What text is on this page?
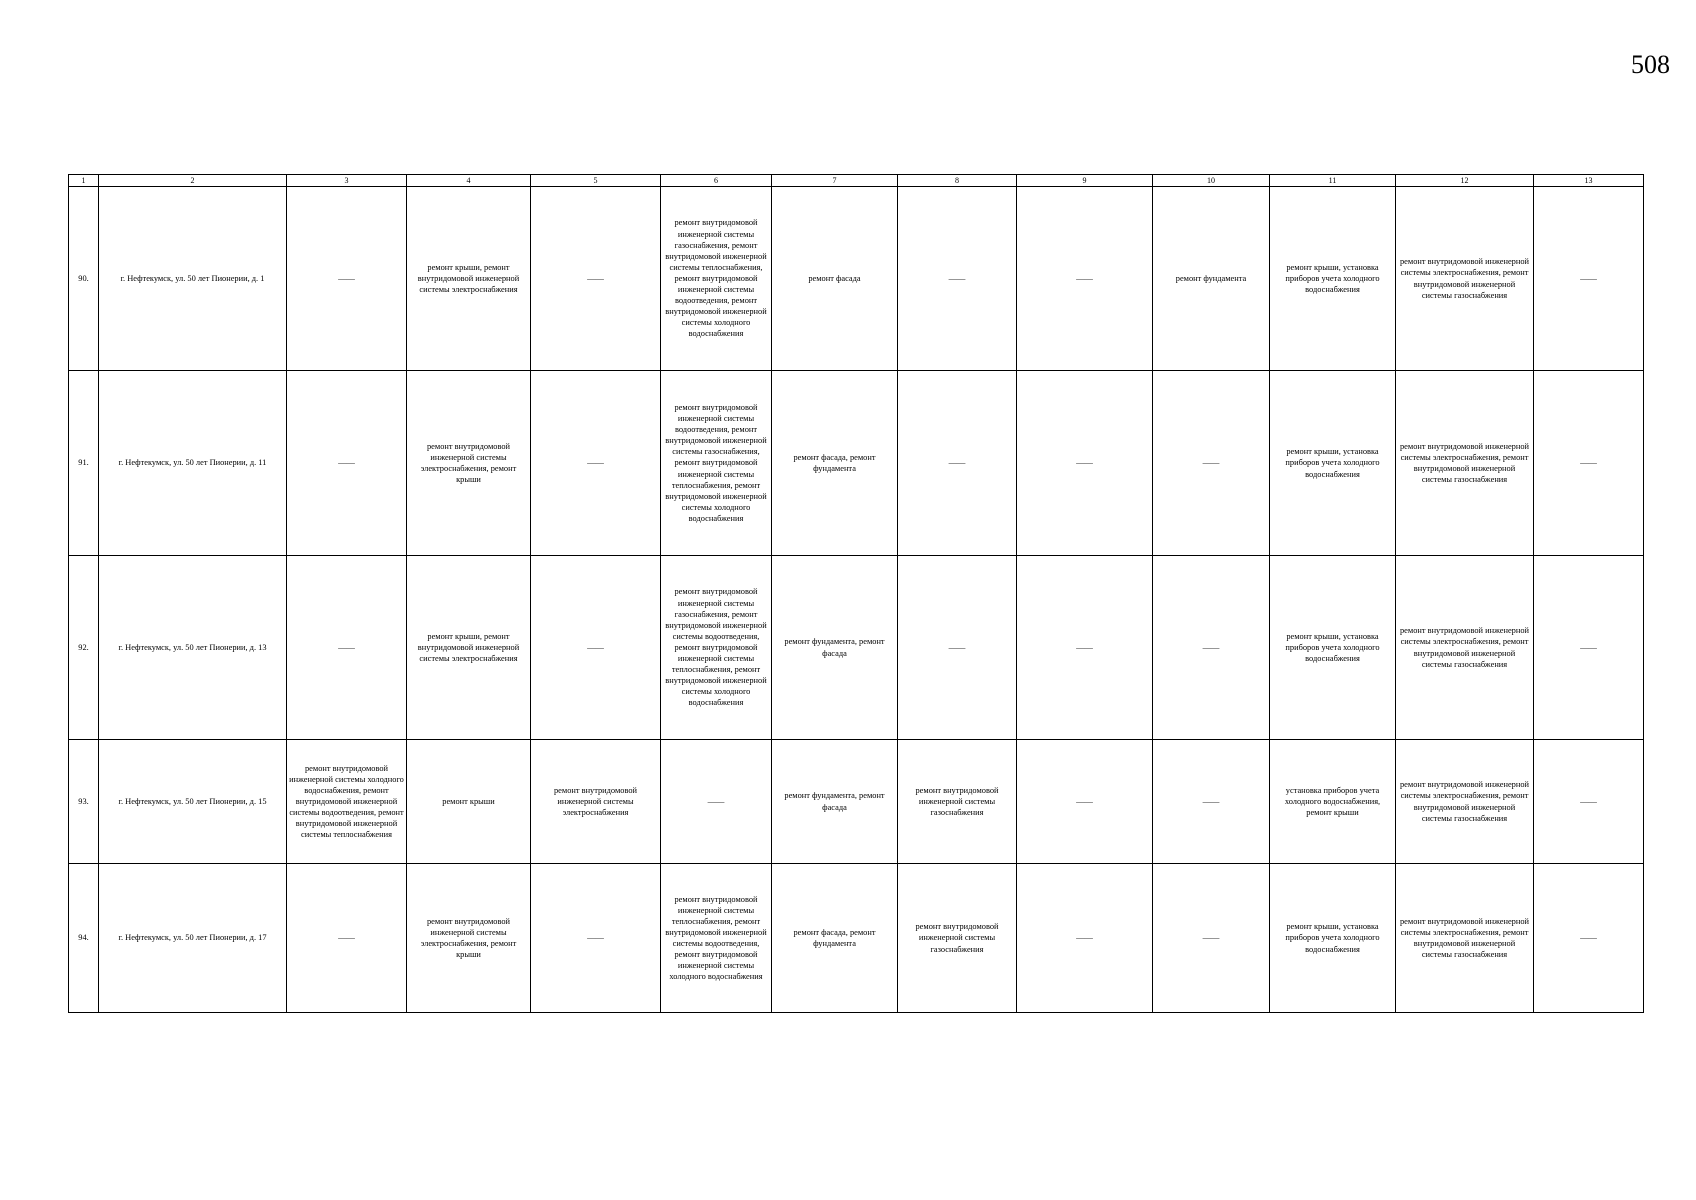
508
1	2	3	4	5	6	7	8	9	10	11	12	13
90.	г. Нефтекумск, ул. 50 лет Пионерии, д. 1	——	ремонт крыши, ремонт внутридомовой инженерной системы электроснабжения	——	ремонт внутридомовой инженерной системы газоснабжения, ремонт внутридомовой инженерной системы теплоснабжения, ремонт внутридомовой инженерной системы водоотведения, ремонт внутридомовой инженерной системы холодного водоснабжения	ремонт фасада	——	——	ремонт фундамента	ремонт крыши, установка приборов учета холодного водоснабжения	ремонт внутридомовой инженерной системы электроснабжения, ремонт внутридомовой инженерной системы газоснабжения	——
91.	г. Нефтекумск, ул. 50 лет Пионерии, д. 11	——	ремонт внутридомовой инженерной системы электроснабжения, ремонт крыши	——	ремонт внутридомовой инженерной системы водоотведения, ремонт внутридомовой инженерной системы газоснабжения, ремонт внутридомовой инженерной системы теплоснабжения, ремонт внутридомовой инженерной системы холодного водоснабжения	ремонт фасада, ремонт фундамента	——	——	——	ремонт крыши, установка приборов учета холодного водоснабжения	ремонт внутридомовой инженерной системы электроснабжения, ремонт внутридомовой инженерной системы газоснабжения	——
92.	г. Нефтекумск, ул. 50 лет Пионерии, д. 13	——	ремонт крыши, ремонт внутридомовой инженерной системы электроснабжения	——	ремонт внутридомовой инженерной системы газоснабжения, ремонт внутридомовой инженерной системы водоотведения, ремонт внутридомовой инженерной системы теплоснабжения, ремонт внутридомовой инженерной системы холодного водоснабжения	ремонт фундамента, ремонт фасада	——	——	——	ремонт крыши, установка приборов учета холодного водоснабжения	ремонт внутридомовой инженерной системы электроснабжения, ремонт внутридомовой инженерной системы газоснабжения	——
93.	г. Нефтекумск, ул. 50 лет Пионерии, д. 15	ремонт внутридомовой инженерной системы холодного водоснабжения, ремонт внутридомовой инженерной системы водоотведения, ремонт внутридомовой инженерной системы теплоснабжения	ремонт крыши	ремонт внутридомовой инженерной системы электроснабжения	——	ремонт фундамента, ремонт фасада	ремонт внутридомовой инженерной системы газоснабжения	——	——	установка приборов учета холодного водоснабжения, ремонт крыши	ремонт внутридомовой инженерной системы электроснабжения, ремонт внутридомовой инженерной системы газоснабжения	——
94.	г. Нефтекумск, ул. 50 лет Пионерии, д. 17	——	ремонт внутридомовой инженерной системы электроснабжения, ремонт крыши	——	ремонт внутридомовой инженерной системы теплоснабжения, ремонт внутридомовой инженерной системы водоотведения, ремонт внутридомовой инженерной системы холодного водоснабжения	ремонт фасада, ремонт фундамента	ремонт внутридомовой инженерной системы газоснабжения	——	——	ремонт крыши, установка приборов учета холодного водоснабжения	ремонт внутридомовой инженерной системы электроснабжения, ремонт внутридомовой инженерной системы газоснабжения	——
